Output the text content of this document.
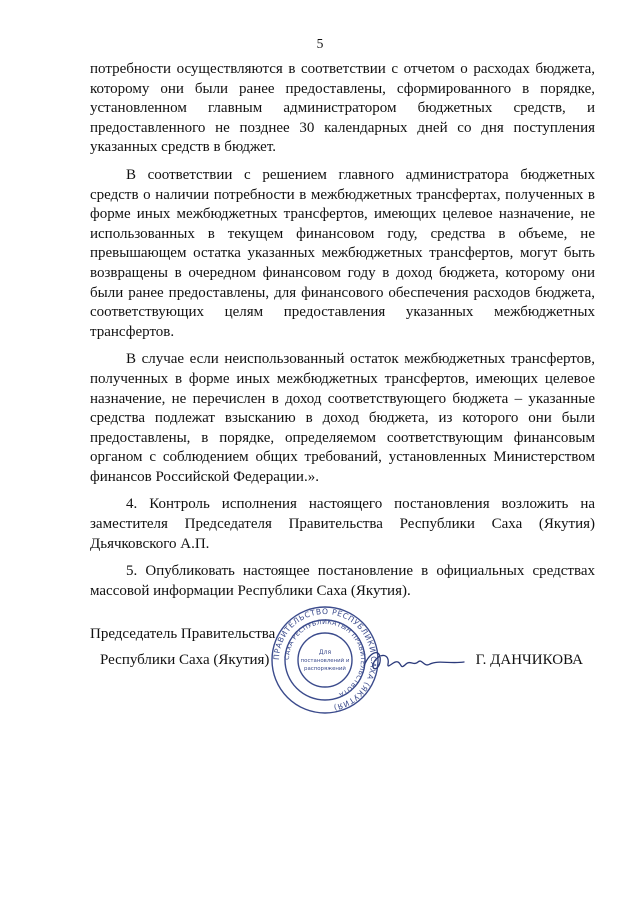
5

потребности осуществляются в соответствии с отчетом о расходах бюджета, которому они были ранее предоставлены, сформированного в порядке, установленном главным администратором бюджетных средств, и предоставленного не позднее 30 календарных дней со дня поступления указанных средств в бюджет.

В соответствии с решением главного администратора бюджетных средств о наличии потребности в межбюджетных трансфертах, полученных в форме иных межбюджетных трансфертов, имеющих целевое назначение, не использованных в текущем финансовом году, средства в объеме, не превышающем остатка указанных межбюджетных трансфертов, могут быть возвращены в очередном финансовом году в доход бюджета, которому они были ранее предоставлены, для финансового обеспечения расходов бюджета, соответствующих целям предоставления указанных межбюджетных трансфертов.

В случае если неиспользованный остаток межбюджетных трансфертов, полученных в форме иных межбюджетных трансфертов, имеющих целевое назначение, не перечислен в доход соответствующего бюджета – указанные средства подлежат взысканию в доход бюджета, из которого они были предоставлены, в порядке, определяемом соответствующим финансовым органом с соблюдением общих требований, установленных Министерством финансов Российской Федерации.».

4. Контроль исполнения настоящего постановления возложить на заместителя Председателя Правительства Республики Саха (Якутия) Дьячковского А.П.

5. Опубликовать настоящее постановление в официальных средствах массовой информации Республики Саха (Якутия).

Председатель Правительства
Республики Саха (Якутия)	Г. ДАНЧИКОВА
ПРАВИТЕЛЬСТВО РЕСПУБЛИКИ САХА (ЯКУТИЯ)
САХА РЕСПУБЛИКАТЫН ПРАВИТЕЛЬСТВОТА
Для
постановлений и
распоряжений
